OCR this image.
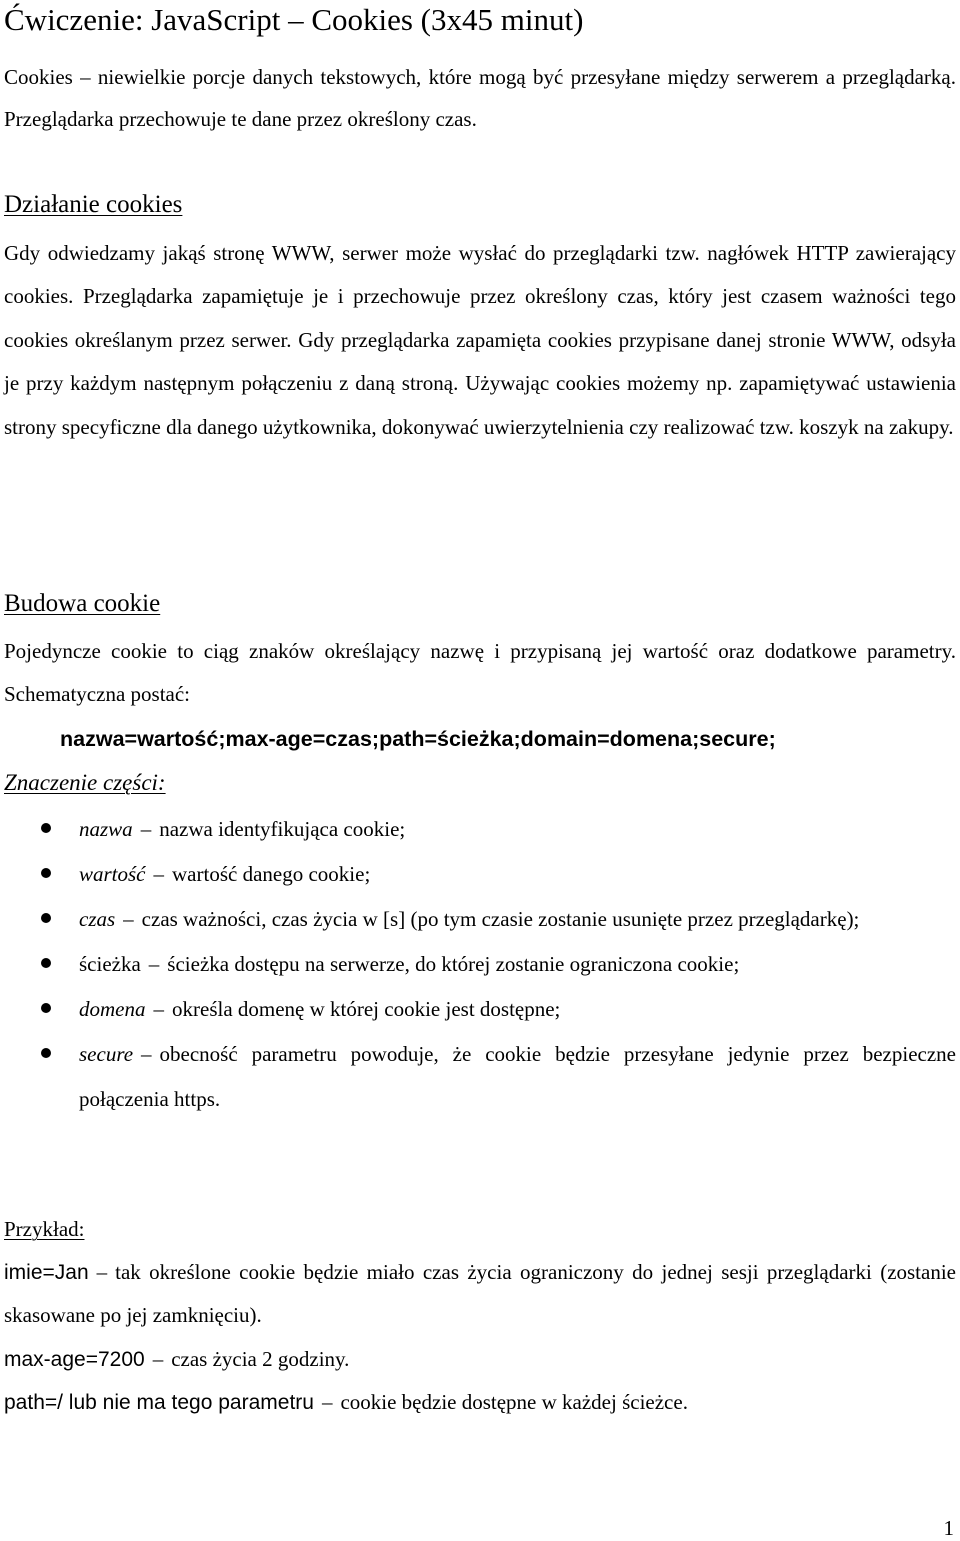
Ćwiczenie: JavaScript – Cookies (3x45 minut)

Cookies – niewielkie porcje danych tekstowych, które mogą być przesyłane między serwerem a przeglądarką. Przeglądarka przechowuje te dane przez określony czas.

Działanie cookies

Gdy odwiedzamy jakąś stronę WWW, serwer może wysłać do przeglądarki tzw. nagłówek HTTP zawierający cookies. Przeglądarka zapamiętuje je i przechowuje przez określony czas, który jest czasem ważności tego cookies określanym przez serwer. Gdy przeglądarka zapamięta cookies przypisane danej stronie WWW, odsyła je przy każdym następnym połączeniu z daną stroną. Używając cookies możemy np. zapamiętywać ustawienia strony specyficzne dla danego użytkownika, dokonywać uwierzytelnienia czy realizować tzw. koszyk na zakupy.

Budowa cookie

Pojedyncze cookie to ciąg znaków określający nazwę i przypisaną jej wartość oraz dodatkowe parametry. Schematyczna postać:

nazwa=wartość;max-age=czas;path=ścieżka;domain=domena;secure;

Znaczenie części:

nazwa – nazwa identyfikująca cookie;
wartość – wartość danego cookie;
czas – czas ważności, czas życia w [s] (po tym czasie zostanie usunięte przez przeglądarkę);
ścieżka – ścieżka dostępu na serwerze, do której zostanie ograniczona cookie;
domena – określa domenę w której cookie jest dostępne;
secure – obecność parametru powoduje, że cookie będzie przesyłane jedynie przez bezpieczne połączenia https.

Przykład:

imie=Jan – tak określone cookie będzie miało czas życia ograniczony do jednej sesji przeglądarki (zostanie skasowane po jej zamknięciu).

max-age=7200 – czas życia 2 godziny.

path=/ lub nie ma tego parametru – cookie będzie dostępne w każdej ścieżce.

1
